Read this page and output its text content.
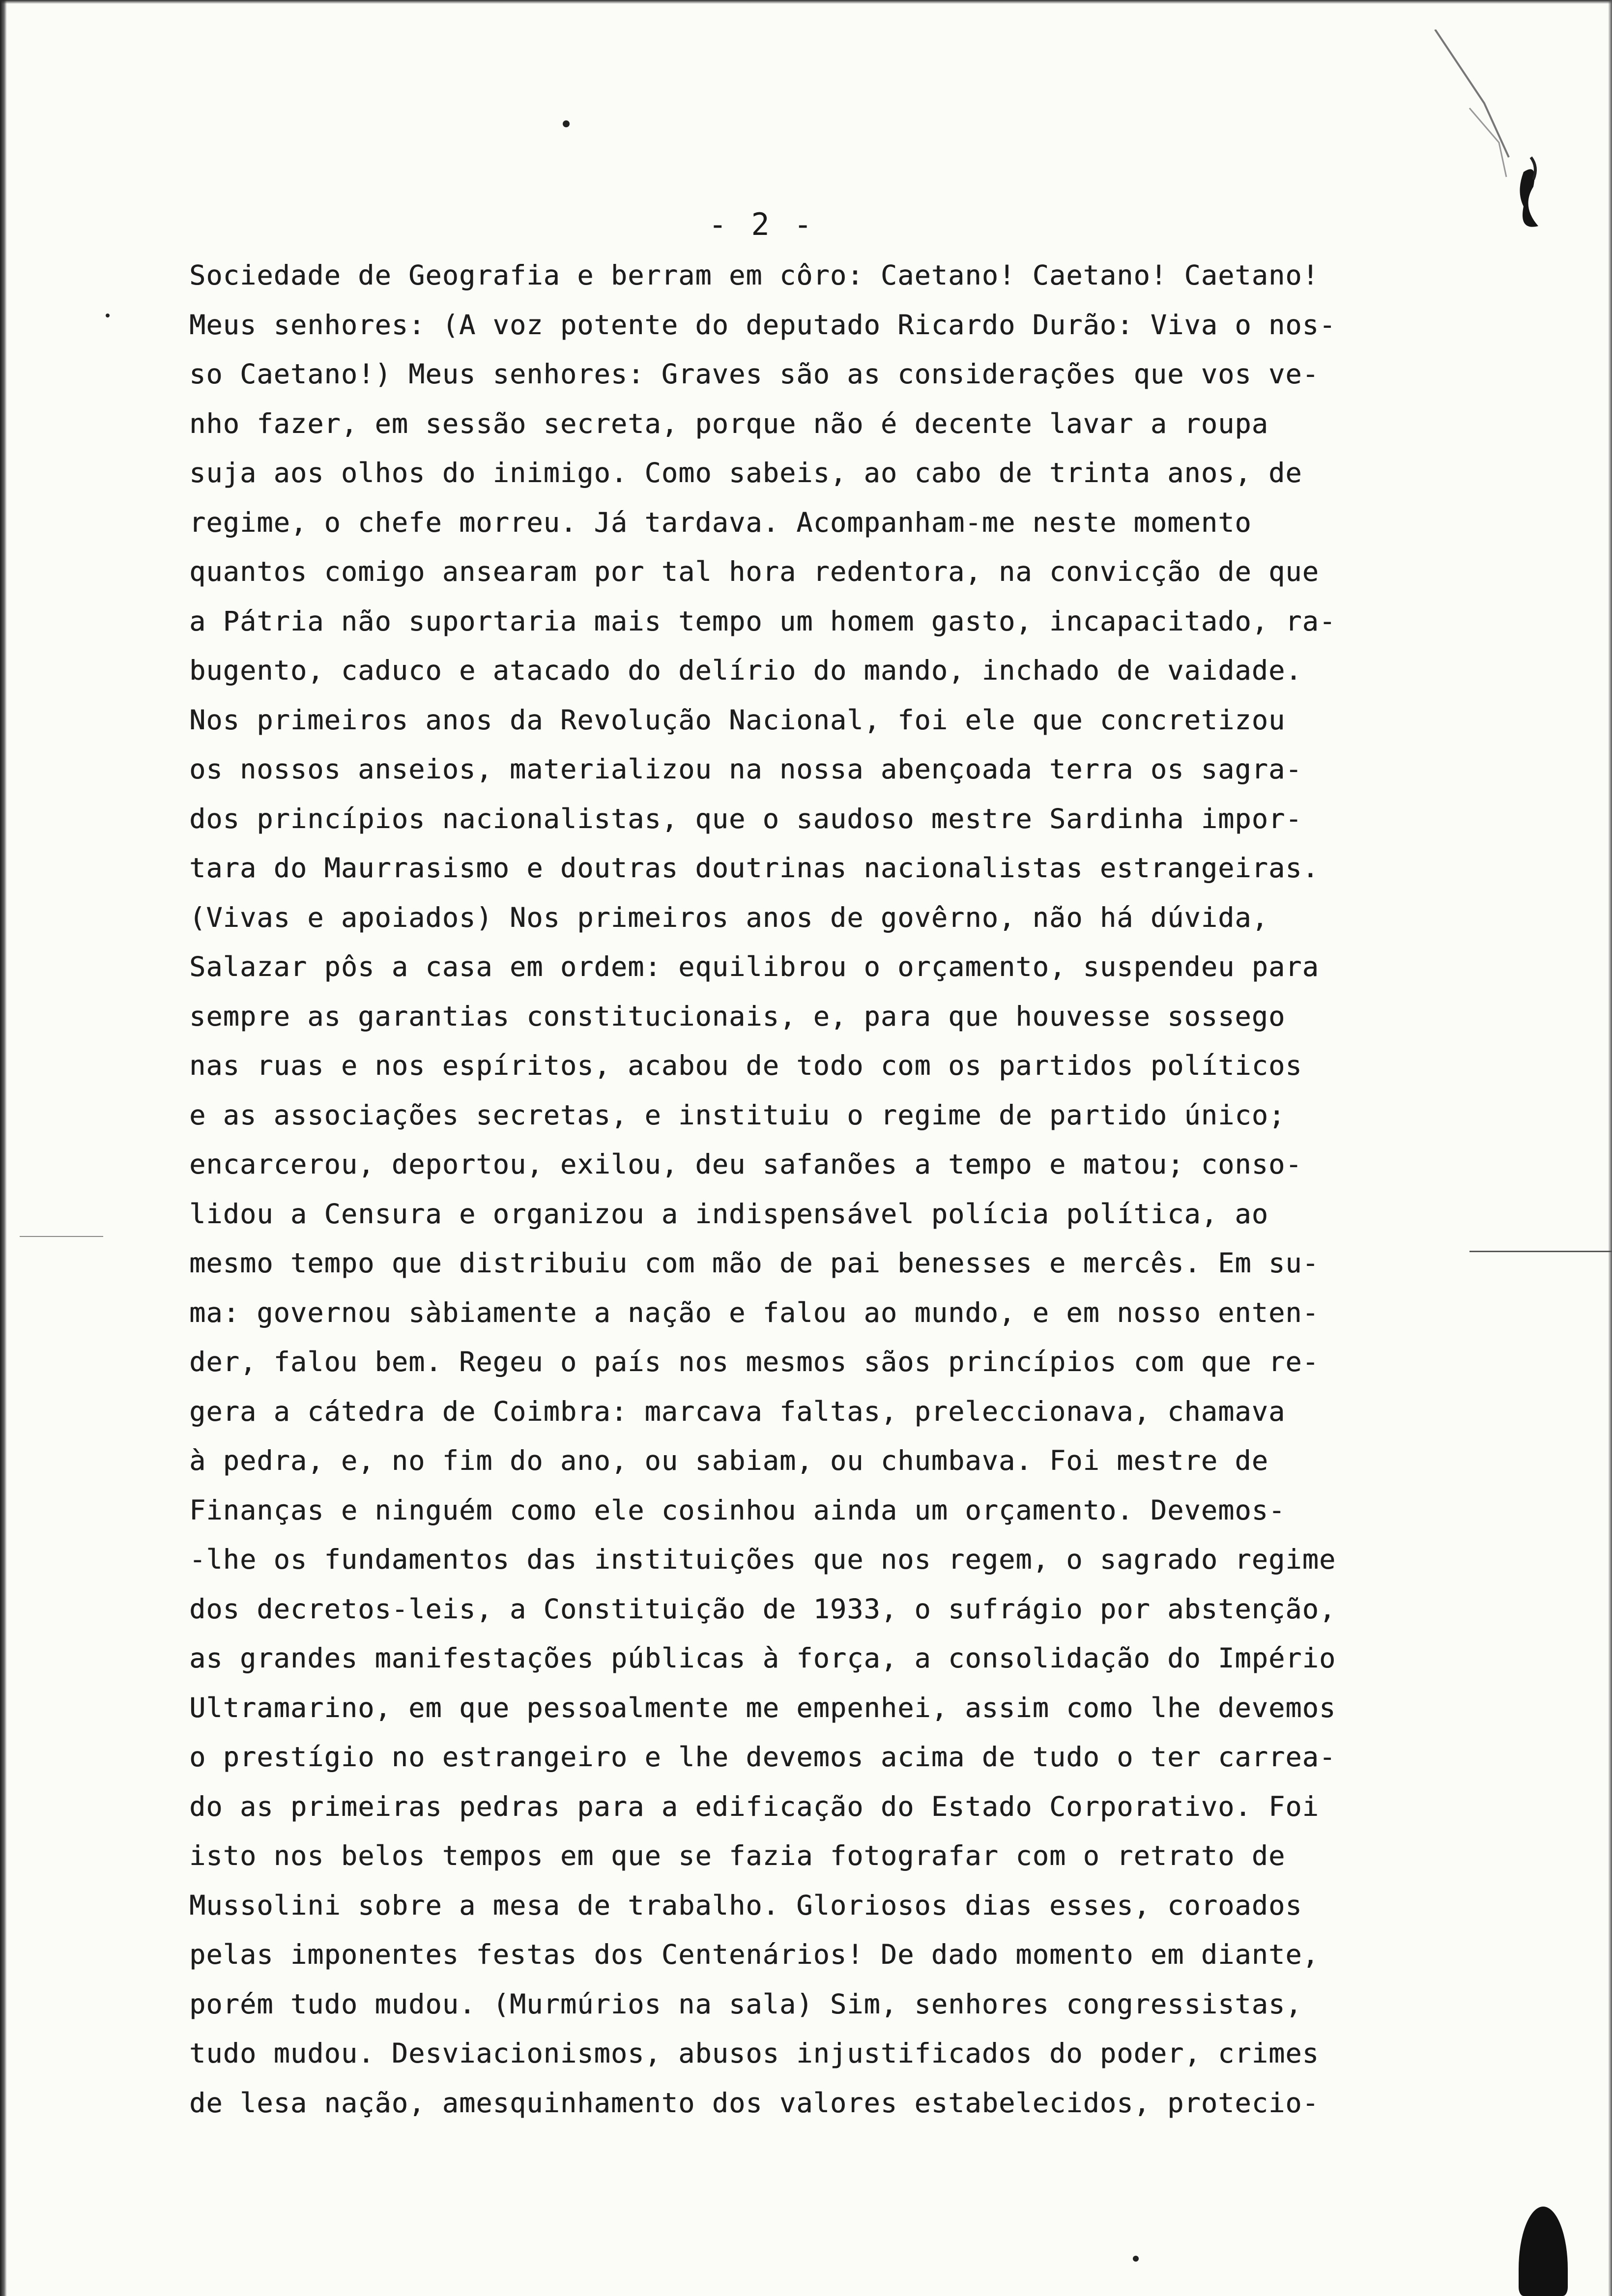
- 2 -
Sociedade de Geografia e berram em côro: Caetano! Caetano! Caetano!
Meus senhores: (A voz potente do deputado Ricardo Durão: Viva o nos-
so Caetano!) Meus senhores: Graves são as considerações que vos ve-
nho fazer, em sessão secreta, porque não é decente lavar a roupa
suja aos olhos do inimigo. Como sabeis, ao cabo de trinta anos, de
regime, o chefe morreu. Já tardava. Acompanham-me neste momento
quantos comigo ansearam por tal hora redentora, na convicção de que
a Pátria não suportaria mais tempo um homem gasto, incapacitado, ra-
bugento, caduco e atacado do delírio do mando, inchado de vaidade.
Nos primeiros anos da Revolução Nacional, foi ele que concretizou
os nossos anseios, materializou na nossa abençoada terra os sagra-
dos princípios nacionalistas, que o saudoso mestre Sardinha impor-
tara do Maurrasismo e doutras doutrinas nacionalistas estrangeiras.
(Vivas e apoiados) Nos primeiros anos de govêrno, não há dúvida,
Salazar pôs a casa em ordem: equilibrou o orçamento, suspendeu para
sempre as garantias constitucionais, e, para que houvesse sossego
nas ruas e nos espíritos, acabou de todo com os partidos políticos
e as associações secretas, e instituiu o regime de partido único;
encarcerou, deportou, exilou, deu safanões a tempo e matou; conso-
lidou a Censura e organizou a indispensável polícia política, ao
mesmo tempo que distribuiu com mão de pai benesses e mercês. Em su-
ma: governou sàbiamente a nação e falou ao mundo, e em nosso enten-
der, falou bem. Regeu o país nos mesmos sãos princípios com que re-
gera a cátedra de Coimbra: marcava faltas, preleccionava, chamava
à pedra, e, no fim do ano, ou sabiam, ou chumbava. Foi mestre de
Finanças e ninguém como ele cosinhou ainda um orçamento. Devemos-
-lhe os fundamentos das instituições que nos regem, o sagrado regime
dos decretos-leis, a Constituição de 1933, o sufrágio por abstenção,
as grandes manifestações públicas à força, a consolidação do Império
Ultramarino, em que pessoalmente me empenhei, assim como lhe devemos
o prestígio no estrangeiro e lhe devemos acima de tudo o ter carrea-
do as primeiras pedras para a edificação do Estado Corporativo. Foi
isto nos belos tempos em que se fazia fotografar com o retrato de
Mussolini sobre a mesa de trabalho. Gloriosos dias esses, coroados
pelas imponentes festas dos Centenários! De dado momento em diante,
porém tudo mudou. (Murmúrios na sala) Sim, senhores congressistas,
tudo mudou. Desviacionismos, abusos injustificados do poder, crimes
de lesa nação, amesquinhamento dos valores estabelecidos, protecio-
